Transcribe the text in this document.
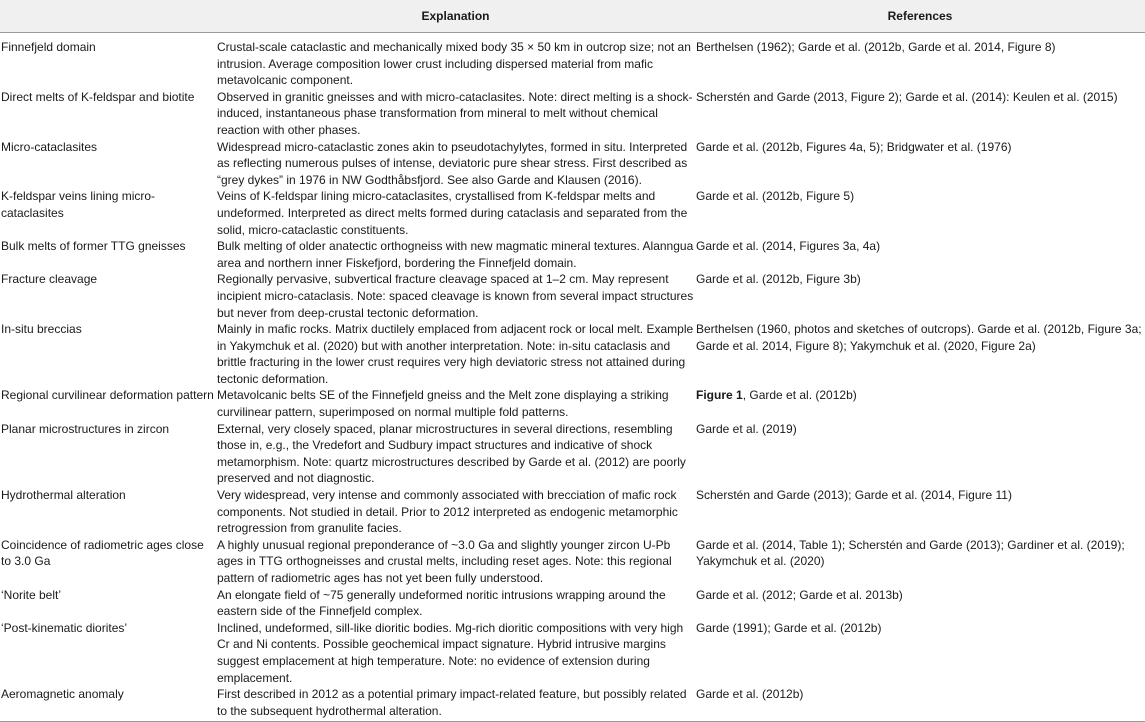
	Explanation	References
Finnefjeld domain	Crustal-scale cataclastic and mechanically mixed body 35 × 50 km in outcrop size; not an intrusion. Average composition lower crust including dispersed material from mafic metavolcanic component.	Berthelsen (1962); Garde et al. (2012b, Garde et al. 2014, Figure 8)
Direct melts of K-feldspar and biotite	Observed in granitic gneisses and with micro-cataclasites. Note: direct melting is a shock-induced, instantaneous phase transformation from mineral to melt without chemical reaction with other phases.	Scherstén and Garde (2013, Figure 2); Garde et al. (2014): Keulen et al. (2015)
Micro-cataclasites	Widespread micro-cataclastic zones akin to pseudotachylytes, formed in situ. Interpreted as reflecting numerous pulses of intense, deviatoric pure shear stress. First described as “grey dykes” in 1976 in NW Godthåbsfjord. See also Garde and Klausen (2016).	Garde et al. (2012b, Figures 4a, 5); Bridgwater et al. (1976)
K-feldspar veins lining micro-cataclasites	Veins of K-feldspar lining micro-cataclasites, crystallised from K-feldspar melts and undeformed. Interpreted as direct melts formed during cataclasis and separated from the solid, micro-cataclastic constituents.	Garde et al. (2012b, Figure 5)
Bulk melts of former TTG gneisses	Bulk melting of older anatectic orthogneiss with new magmatic mineral textures. Alanngua area and northern inner Fiskefjord, bordering the Finnefjeld domain.	Garde et al. (2014, Figures 3a, 4a)
Fracture cleavage	Regionally pervasive, subvertical fracture cleavage spaced at 1–2 cm. May represent incipient micro-cataclasis. Note: spaced cleavage is known from several impact structures but never from deep-crustal tectonic deformation.	Garde et al. (2012b, Figure 3b)
In-situ breccias	Mainly in mafic rocks. Matrix ductilely emplaced from adjacent rock or local melt. Example in Yakymchuk et al. (2020) but with another interpretation. Note: in-situ cataclasis and brittle fracturing in the lower crust requires very high deviatoric stress not attained during tectonic deformation.	Berthelsen (1960, photos and sketches of outcrops). Garde et al. (2012b, Figure 3a; Garde et al. 2014, Figure 8); Yakymchuk et al. (2020, Figure 2a)
Regional curvilinear deformation pattern	Metavolcanic belts SE of the Finnefjeld gneiss and the Melt zone displaying a striking curvilinear pattern, superimposed on normal multiple fold patterns.	Figure 1, Garde et al. (2012b)
Planar microstructures in zircon	External, very closely spaced, planar microstructures in several directions, resembling those in, e.g., the Vredefort and Sudbury impact structures and indicative of shock metamorphism. Note: quartz microstructures described by Garde et al. (2012) are poorly preserved and not diagnostic.	Garde et al. (2019)
Hydrothermal alteration	Very widespread, very intense and commonly associated with brecciation of mafic rock components. Not studied in detail. Prior to 2012 interpreted as endogenic metamorphic retrogression from granulite facies.	Scherstén and Garde (2013); Garde et al. (2014, Figure 11)
Coincidence of radiometric ages close to 3.0 Ga	A highly unusual regional preponderance of ~3.0 Ga and slightly younger zircon U-Pb ages in TTG orthogneisses and crustal melts, including reset ages. Note: this regional pattern of radiometric ages has not yet been fully understood.	Garde et al. (2014, Table 1); Scherstén and Garde (2013); Gardiner et al. (2019); Yakymchuk et al. (2020)
‘Norite belt’	An elongate field of ~75 generally undeformed noritic intrusions wrapping around the eastern side of the Finnefjeld complex.	Garde et al. (2012; Garde et al. 2013b)
‘Post-kinematic diorites’	Inclined, undeformed, sill-like dioritic bodies. Mg-rich dioritic compositions with very high Cr and Ni contents. Possible geochemical impact signature. Hybrid intrusive margins suggest emplacement at high temperature. Note: no evidence of extension during emplacement.	Garde (1991); Garde et al. (2012b)
Aeromagnetic anomaly	First described in 2012 as a potential primary impact-related feature, but possibly related to the subsequent hydrothermal alteration.	Garde et al. (2012b)
